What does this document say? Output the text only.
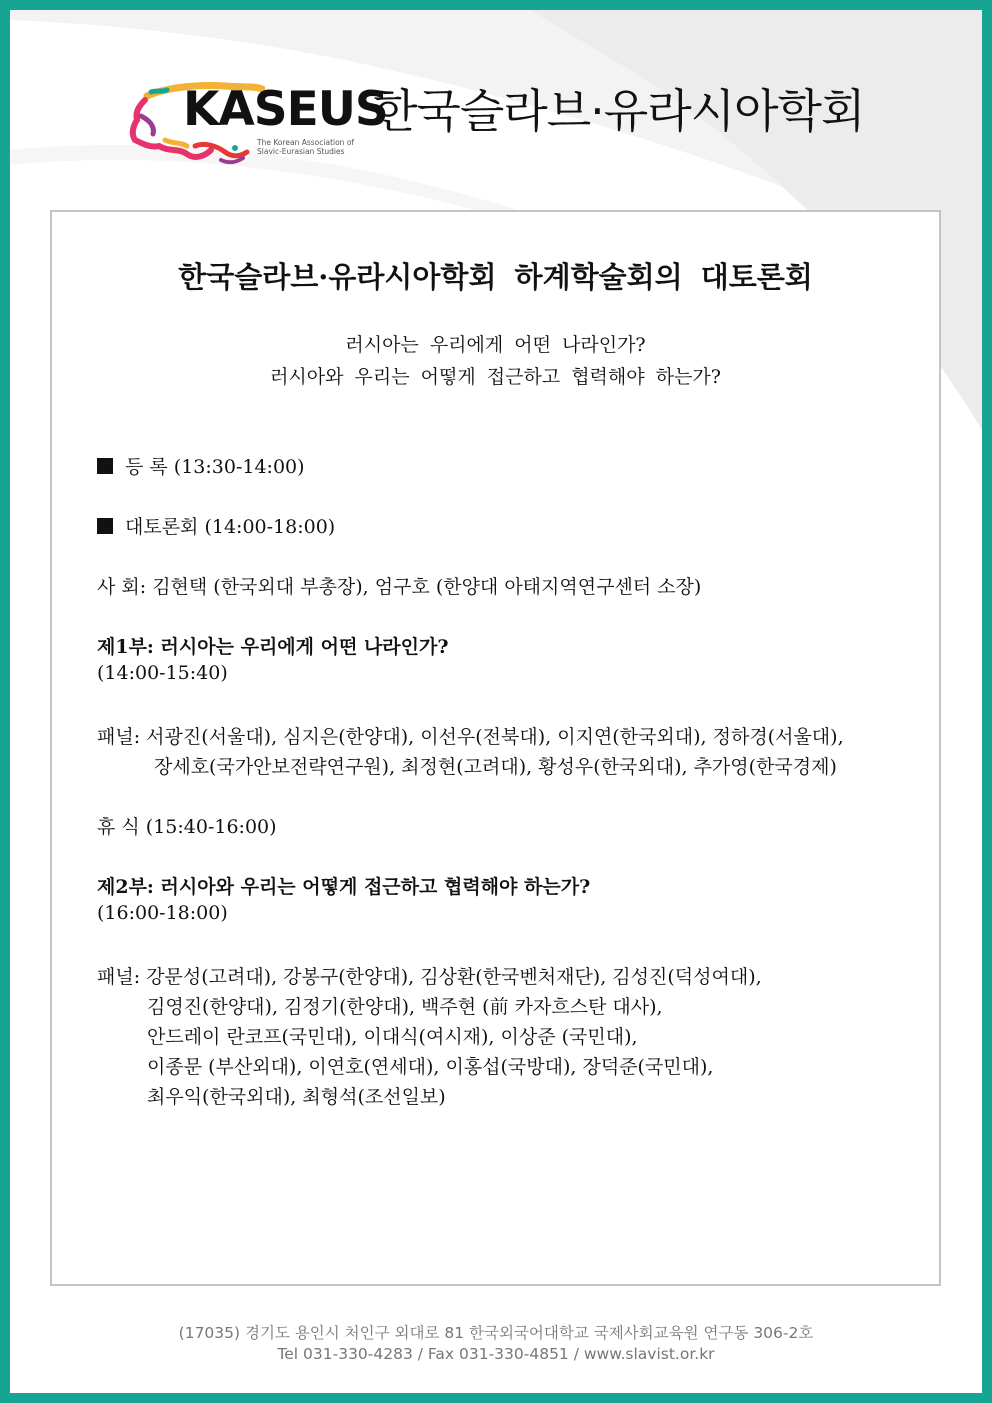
KASEUS
The Korean Association of
Slavic-Eurasian Studies
한국슬라브·유라시아학회
한국슬라브·유라시아학회 하계학술회의 대토론회
러시아는 우리에게 어떤 나라인가?
러시아와 우리는 어떻게 접근하고 협력해야 하는가?
등 록 (13:30-14:00)
대토론회 (14:00-18:00)
사 회: 김현택 (한국외대 부총장), 엄구호 (한양대 아태지역연구센터 소장)
제1부: 러시아는 우리에게 어떤 나라인가?
(14:00-15:40)
패널: 서광진(서울대), 심지은(한양대), 이선우(전북대), 이지연(한국외대), 정하경(서울대),
장세호(국가안보전략연구원), 최정현(고려대), 황성우(한국외대), 추가영(한국경제)
휴 식 (15:40-16:00)
제2부: 러시아와 우리는 어떻게 접근하고 협력해야 하는가?
(16:00-18:00)
패널: 강문성(고려대), 강봉구(한양대), 김상환(한국벤처재단), 김성진(덕성여대),
김영진(한양대), 김정기(한양대), 백주현 (前 카자흐스탄 대사),
안드레이 란코프(국민대), 이대식(여시재), 이상준 (국민대),
이종문 (부산외대), 이연호(연세대), 이홍섭(국방대), 장덕준(국민대),
최우익(한국외대), 최형석(조선일보)
(17035) 경기도 용인시 처인구 외대로 81 한국외국어대학교 국제사회교육원 연구동 306-2호
Tel 031-330-4283 / Fax 031-330-4851 / www.slavist.or.kr
